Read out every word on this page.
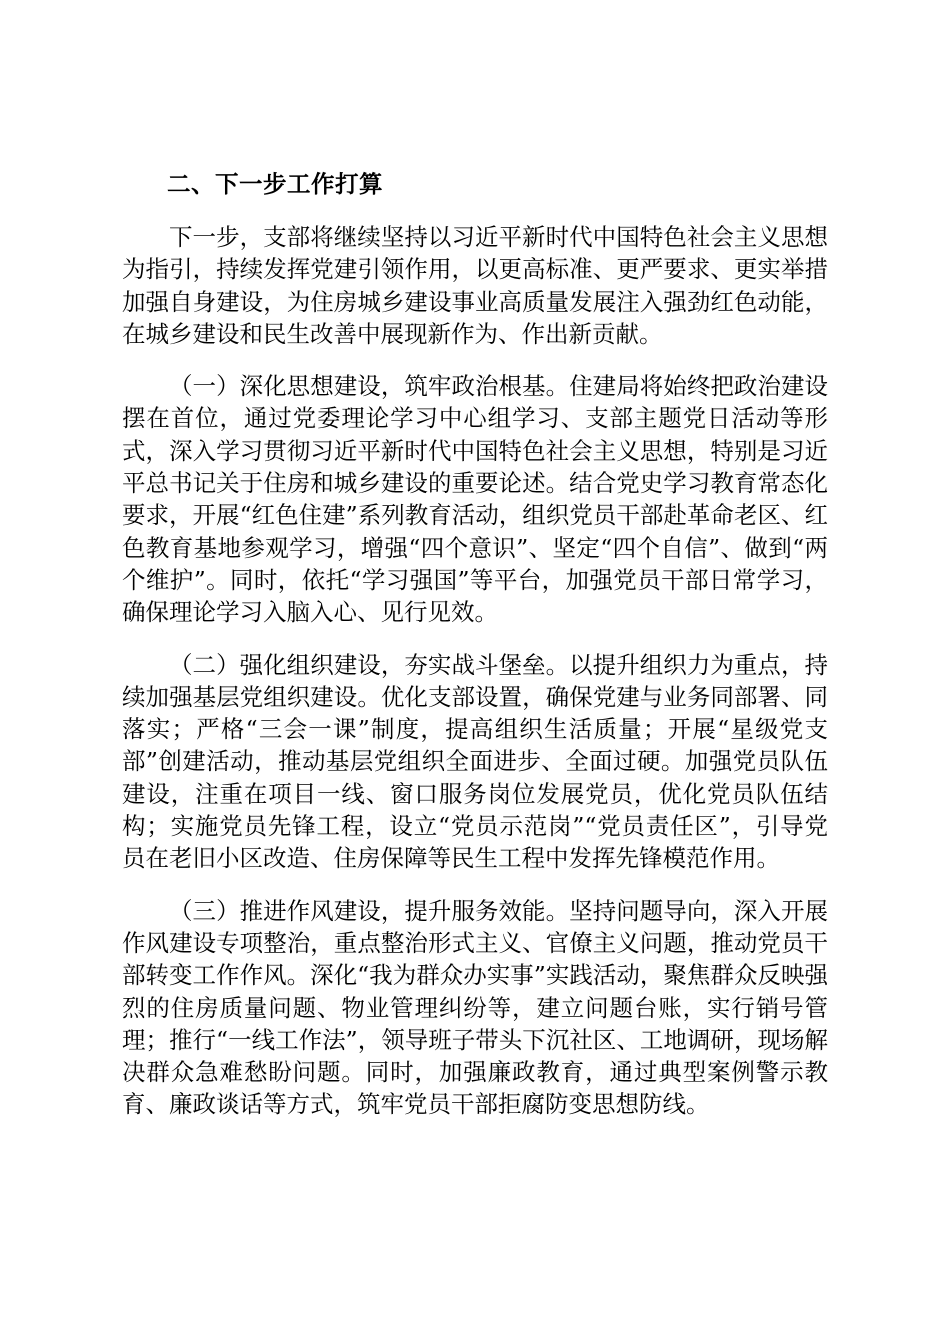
二、下一步工作打算

下一步，支部将继续坚持以习近平新时代中国特色社会主义思想为指引，持续发挥党建引领作用，以更高标准、更严要求、更实举措加强自身建设，为住房城乡建设事业高质量发展注入强劲红色动能，在城乡建设和民生改善中展现新作为、作出新贡献。

（一）深化思想建设，筑牢政治根基。住建局将始终把政治建设摆在首位，通过党委理论学习中心组学习、支部主题党日活动等形式，深入学习贯彻习近平新时代中国特色社会主义思想，特别是习近平总书记关于住房和城乡建设的重要论述。结合党史学习教育常态化要求，开展“红色住建”系列教育活动，组织党员干部赴革命老区、红色教育基地参观学习，增强“四个意识”、坚定“四个自信”、做到“两个维护”。同时，依托“学习强国”等平台，加强党员干部日常学习，确保理论学习入脑入心、见行见效。

（二）强化组织建设，夯实战斗堡垒。以提升组织力为重点，持续加强基层党组织建设。优化支部设置，确保党建与业务同部署、同落实；严格“三会一课”制度，提高组织生活质量；开展“星级党支部”创建活动，推动基层党组织全面进步、全面过硬。加强党员队伍建设，注重在项目一线、窗口服务岗位发展党员，优化党员队伍结构；实施党员先锋工程，设立“党员示范岗”“党员责任区”，引导党员在老旧小区改造、住房保障等民生工程中发挥先锋模范作用。

（三）推进作风建设，提升服务效能。坚持问题导向，深入开展作风建设专项整治，重点整治形式主义、官僚主义问题，推动党员干部转变工作作风。深化“我为群众办实事”实践活动，聚焦群众反映强烈的住房质量问题、物业管理纠纷等，建立问题台账，实行销号管理；推行“一线工作法”，领导班子带头下沉社区、工地调研，现场解决群众急难愁盼问题。同时，加强廉政教育，通过典型案例警示教育、廉政谈话等方式，筑牢党员干部拒腐防变思想防线。
